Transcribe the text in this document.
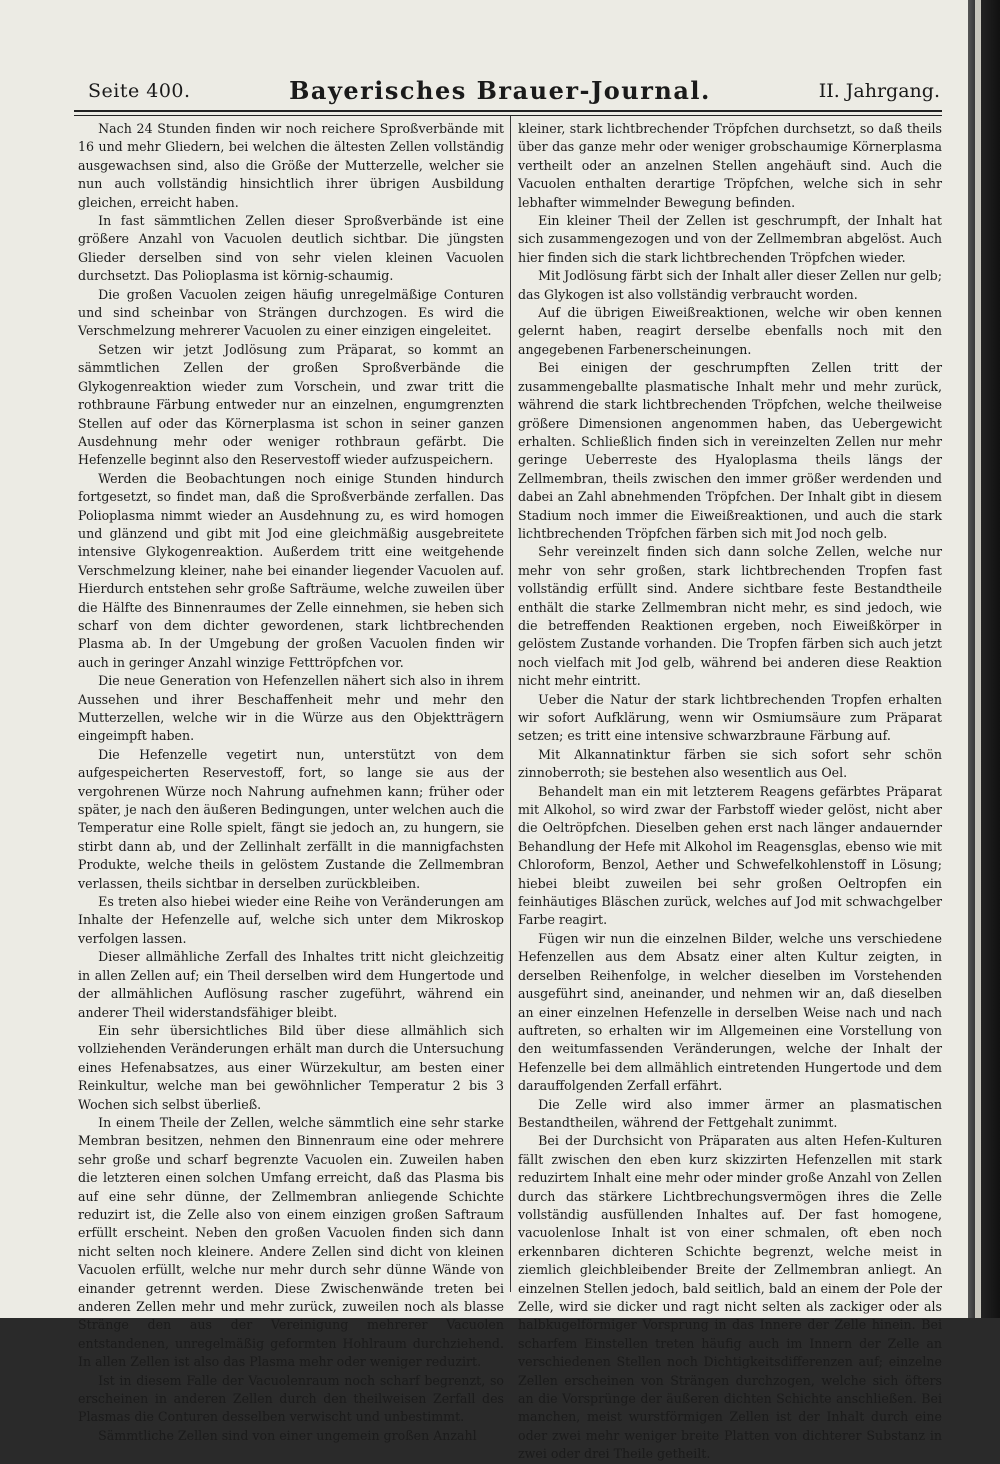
Seite 400.	Bayerisches Brauer-Journal.	II. Jahrgang.

Nach 24 Stunden finden wir noch reichere Sproßverbände mit 16 und mehr Gliedern, bei welchen die ältesten Zellen vollständig ausgewachsen sind, also die Größe der Mutterzelle, welcher sie nun auch vollständig hinsichtlich ihrer übrigen Ausbildung gleichen, erreicht haben.

In fast sämmtlichen Zellen dieser Sproßverbände ist eine größere Anzahl von Vacuolen deutlich sichtbar. Die jüngsten Glieder derselben sind von sehr vielen kleinen Vacuolen durchsetzt. Das Polioplasma ist körnig-schaumig.

Die großen Vacuolen zeigen häufig unregelmäßige Conturen und sind scheinbar von Strängen durchzogen. Es wird die Verschmelzung mehrerer Vacuolen zu einer einzigen eingeleitet.

Setzen wir jetzt Jodlösung zum Präparat, so kommt an sämmtlichen Zellen der großen Sproßverbände die Glykogenreaktion wieder zum Vorschein, und zwar tritt die rothbraune Färbung entweder nur an einzelnen, engumgrenzten Stellen auf oder das Körnerplasma ist schon in seiner ganzen Ausdehnung mehr oder weniger rothbraun gefärbt. Die Hefenzelle beginnt also den Reservestoff wieder aufzuspeichern.

Werden die Beobachtungen noch einige Stunden hindurch fortgesetzt, so findet man, daß die Sproßverbände zerfallen. Das Polioplasma nimmt wieder an Ausdehnung zu, es wird homogen und glänzend und gibt mit Jod eine gleichmäßig ausgebreitete intensive Glykogenreaktion. Außerdem tritt eine weitgehende Verschmelzung kleiner, nahe bei einander liegender Vacuolen auf. Hierdurch entstehen sehr große Safträume, welche zuweilen über die Hälfte des Binnenraumes der Zelle einnehmen, sie heben sich scharf von dem dichter gewordenen, stark lichtbrechenden Plasma ab. In der Umgebung der großen Vacuolen finden wir auch in geringer Anzahl winzige Fetttröpfchen vor.

Die neue Generation von Hefenzellen nähert sich also in ihrem Aussehen und ihrer Beschaffenheit mehr und mehr den Mutterzellen, welche wir in die Würze aus den Objektträgern eingeimpft haben.

Die Hefenzelle vegetirt nun, unterstützt von dem aufgespeicherten Reservestoff, fort, so lange sie aus der vergohrenen Würze noch Nahrung aufnehmen kann; früher oder später, je nach den äußeren Bedingungen, unter welchen auch die Temperatur eine Rolle spielt, fängt sie jedoch an, zu hungern, sie stirbt dann ab, und der Zellinhalt zerfällt in die mannigfachsten Produkte, welche theils in gelöstem Zustande die Zellmembran verlassen, theils sichtbar in derselben zurückbleiben.

Es treten also hiebei wieder eine Reihe von Veränderungen am Inhalte der Hefenzelle auf, welche sich unter dem Mikroskop verfolgen lassen.

Dieser allmähliche Zerfall des Inhaltes tritt nicht gleichzeitig in allen Zellen auf; ein Theil derselben wird dem Hungertode und der allmählichen Auflösung rascher zugeführt, während ein anderer Theil widerstandsfähiger bleibt.

Ein sehr übersichtliches Bild über diese allmählich sich vollziehenden Veränderungen erhält man durch die Untersuchung eines Hefenabsatzes, aus einer Würzekultur, am besten einer Reinkultur, welche man bei gewöhnlicher Temperatur 2 bis 3 Wochen sich selbst überließ.

In einem Theile der Zellen, welche sämmtlich eine sehr starke Membran besitzen, nehmen den Binnenraum eine oder mehrere sehr große und scharf begrenzte Vacuolen ein. Zuweilen haben die letzteren einen solchen Umfang erreicht, daß das Plasma bis auf eine sehr dünne, der Zellmembran anliegende Schichte reduzirt ist, die Zelle also von einem einzigen großen Saftraum erfüllt erscheint. Neben den großen Vacuolen finden sich dann nicht selten noch kleinere. Andere Zellen sind dicht von kleinen Vacuolen erfüllt, welche nur mehr durch sehr dünne Wände von einander getrennt werden. Diese Zwischenwände treten bei anderen Zellen mehr und mehr zurück, zuweilen noch als blasse Stränge den aus der Vereinigung mehrerer Vacuolen entstandenen, unregelmäßig geformten Hohlraum durchziehend. In allen Zellen ist also das Plasma mehr oder weniger reduzirt.

Ist in diesem Falle der Vacuolenraum noch scharf begrenzt, so erscheinen in anderen Zellen durch den theilweisen Zerfall des Plasmas die Conturen desselben verwischt und unbestimmt.

Sämmtliche Zellen sind von einer ungemein großen Anzahl

kleiner, stark lichtbrechender Tröpfchen durchsetzt, so daß theils über das ganze mehr oder weniger grobschaumige Körnerplasma vertheilt oder an anzelnen Stellen angehäuft sind. Auch die Vacuolen enthalten derartige Tröpfchen, welche sich in sehr lebhafter wimmelnder Bewegung befinden.

Ein kleiner Theil der Zellen ist geschrumpft, der Inhalt hat sich zusammengezogen und von der Zellmembran abgelöst. Auch hier finden sich die stark lichtbrechenden Tröpfchen wieder.

Mit Jodlösung färbt sich der Inhalt aller dieser Zellen nur gelb; das Glykogen ist also vollständig verbraucht worden.

Auf die übrigen Eiweißreaktionen, welche wir oben kennen gelernt haben, reagirt derselbe ebenfalls noch mit den angegebenen Farbenerscheinungen.

Bei einigen der geschrumpften Zellen tritt der zusammengeballte plasmatische Inhalt mehr und mehr zurück, während die stark lichtbrechenden Tröpfchen, welche theilweise größere Dimensionen angenommen haben, das Uebergewicht erhalten. Schließlich finden sich in vereinzelten Zellen nur mehr geringe Ueberreste des Hyaloplasma theils längs der Zellmembran, theils zwischen den immer größer werdenden und dabei an Zahl abnehmenden Tröpfchen. Der Inhalt gibt in diesem Stadium noch immer die Eiweißreaktionen, und auch die stark lichtbrechenden Tröpfchen färben sich mit Jod noch gelb.

Sehr vereinzelt finden sich dann solche Zellen, welche nur mehr von sehr großen, stark lichtbrechenden Tropfen fast vollständig erfüllt sind. Andere sichtbare feste Bestandtheile enthält die starke Zellmembran nicht mehr, es sind jedoch, wie die betreffenden Reaktionen ergeben, noch Eiweißkörper in gelöstem Zustande vorhanden. Die Tropfen färben sich auch jetzt noch vielfach mit Jod gelb, während bei anderen diese Reaktion nicht mehr eintritt.

Ueber die Natur der stark lichtbrechenden Tropfen erhalten wir sofort Aufklärung, wenn wir Osmiumsäure zum Präparat setzen; es tritt eine intensive schwarzbraune Färbung auf.

Mit Alkannatinktur färben sie sich sofort sehr schön zinnoberroth; sie bestehen also wesentlich aus Oel.

Behandelt man ein mit letzterem Reagens gefärbtes Präparat mit Alkohol, so wird zwar der Farbstoff wieder gelöst, nicht aber die Oeltröpfchen. Dieselben gehen erst nach länger andauernder Behandlung der Hefe mit Alkohol im Reagensglas, ebenso wie mit Chloroform, Benzol, Aether und Schwefelkohlenstoff in Lösung; hiebei bleibt zuweilen bei sehr großen Oeltropfen ein feinhäutiges Bläschen zurück, welches auf Jod mit schwachgelber Farbe reagirt.

Fügen wir nun die einzelnen Bilder, welche uns verschiedene Hefenzellen aus dem Absatz einer alten Kultur zeigten, in derselben Reihenfolge, in welcher dieselben im Vorstehenden ausgeführt sind, aneinander, und nehmen wir an, daß dieselben an einer einzelnen Hefenzelle in derselben Weise nach und nach auftreten, so erhalten wir im Allgemeinen eine Vorstellung von den weitumfassenden Veränderungen, welche der Inhalt der Hefenzelle bei dem allmählich eintretenden Hungertode und dem darauffolgenden Zerfall erfährt.

Die Zelle wird also immer ärmer an plasmatischen Bestandtheilen, während der Fettgehalt zunimmt.

Bei der Durchsicht von Präparaten aus alten Hefen-Kulturen fällt zwischen den eben kurz skizzirten Hefenzellen mit stark reduzirtem Inhalt eine mehr oder minder große Anzahl von Zellen durch das stärkere Lichtbrechungsvermögen ihres die Zelle vollständig ausfüllenden Inhaltes auf. Der fast homogene, vacuolenlose Inhalt ist von einer schmalen, oft eben noch erkennbaren dichteren Schichte begrenzt, welche meist in ziemlich gleichbleibender Breite der Zellmembran anliegt. An einzelnen Stellen jedoch, bald seitlich, bald an einem der Pole der Zelle, wird sie dicker und ragt nicht selten als zackiger oder als halbkugelförmiger Vorsprung in das Innere der Zelle hinein. Bei scharfem Einstellen treten häufig auch im Innern der Zelle an verschiedenen Stellen noch Dichtigkeitsdifferenzen auf; einzelne Zellen erscheinen von Strängen durchzogen, welche sich öfters an die Vorsprünge der äußeren dichten Schichte anschließen. Bei manchen, meist wurstförmigen Zellen ist der Inhalt durch eine oder zwei mehr weniger breite Platten von dichterer Substanz in zwei oder drei Theile getheilt.
